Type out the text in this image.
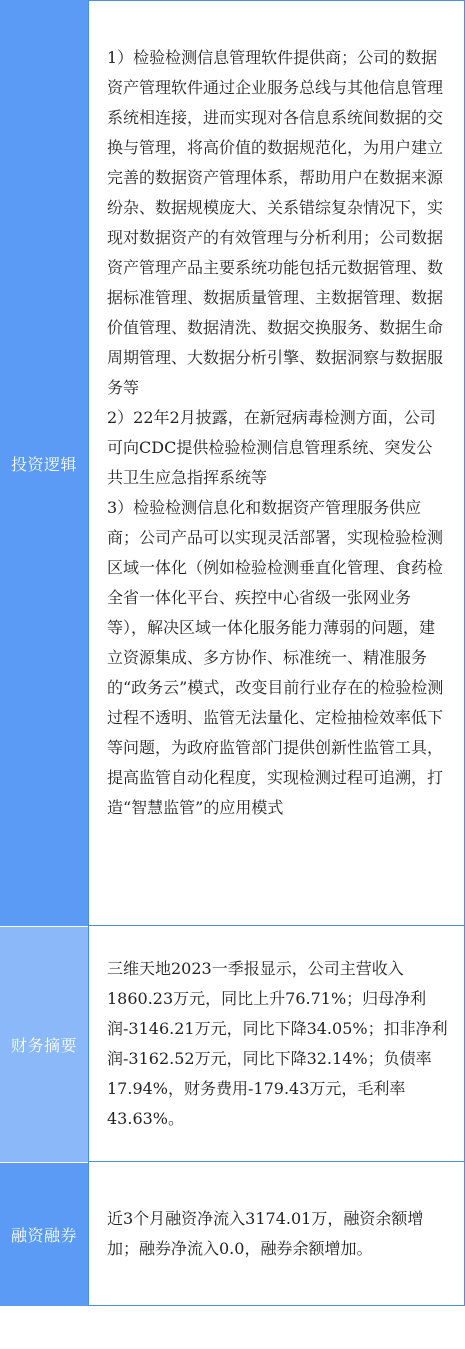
投资逻辑

1）检验检测信息管理软件提供商；公司的数据资产管理软件通过企业服务总线与其他信息管理系统相连接，进而实现对各信息系统间数据的交换与管理，将高价值的数据规范化，为用户建立完善的数据资产管理体系，帮助用户在数据来源纷杂、数据规模庞大、关系错综复杂情况下，实现对数据资产的有效管理与分析利用；公司数据资产管理产品主要系统功能包括元数据管理、数据标准管理、数据质量管理、主数据管理、数据价值管理、数据清洗、数据交换服务、数据生命周期管理、大数据分析引擎、数据洞察与数据服务等

2）22年2月披露，在新冠病毒检测方面，公司可向CDC提供检验检测信息管理系统、突发公共卫生应急指挥系统等

3）检验检测信息化和数据资产管理服务供应商；公司产品可以实现灵活部署，实现检验检测区域一体化（例如检验检测垂直化管理、食药检全省一体化平台、疾控中心省级一张网业务等），解决区域一体化服务能力薄弱的问题，建立资源集成、多方协作、标准统一、精准服务的“政务云”模式，改变目前行业存在的检验检测过程不透明、监管无法量化、定检抽检效率低下等问题，为政府监管部门提供创新性监管工具，提高监管自动化程度，实现检测过程可追溯，打造“智慧监管”的应用模式

财务摘要

三维天地2023一季报显示，公司主营收入1860.23万元，同比上升76.71%；归母净利润-3146.21万元，同比下降34.05%；扣非净利润-3162.52万元，同比下降32.14%；负债率17.94%，财务费用-179.43万元，毛利率43.63%。

融资融券

近3个月融资净流入3174.01万，融资余额增加；融券净流入0.0，融券余额增加。
